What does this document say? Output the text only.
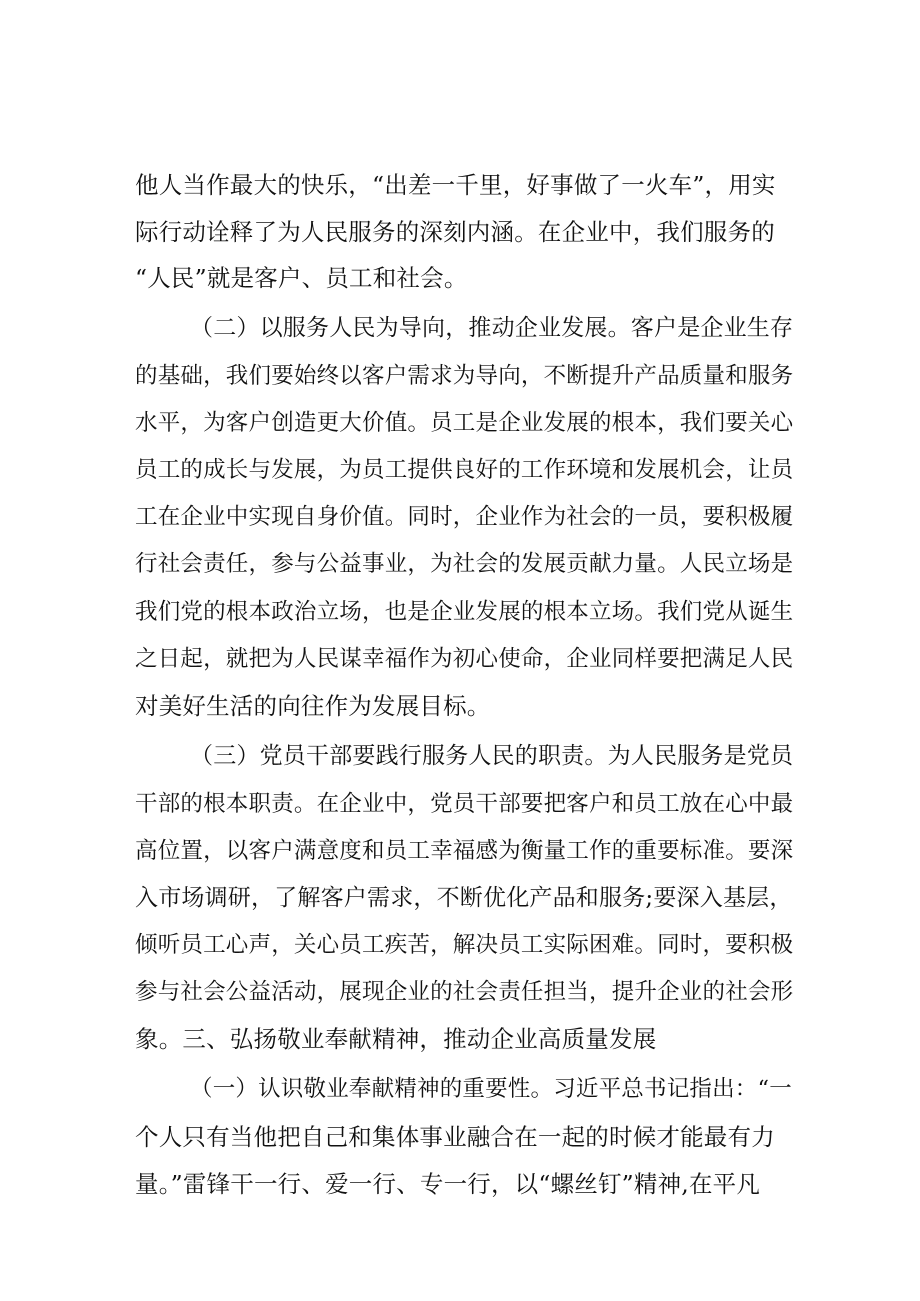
他人当作最大的快乐，“出差一千里，好事做了一火车”，用实
际行动诠释了为人民服务的深刻内涵。在企业中，我们服务的
“人民”就是客户、员工和社会。
（二）以服务人民为导向，推动企业发展。客户是企业生存
的基础，我们要始终以客户需求为导向，不断提升产品质量和服务
水平，为客户创造更大价值。员工是企业发展的根本，我们要关心
员工的成长与发展，为员工提供良好的工作环境和发展机会，让员
工在企业中实现自身价值。同时，企业作为社会的一员，要积极履
行社会责任，参与公益事业，为社会的发展贡献力量。人民立场是
我们党的根本政治立场，也是企业发展的根本立场。我们党从诞生
之日起，就把为人民谋幸福作为初心使命，企业同样要把满足人民
对美好生活的向往作为发展目标。
（三）党员干部要践行服务人民的职责。为人民服务是党员
干部的根本职责。在企业中，党员干部要把客户和员工放在心中最
高位置，以客户满意度和员工幸福感为衡量工作的重要标准。要深
入市场调研，了解客户需求，不断优化产品和服务;要深入基层，
倾听员工心声，关心员工疾苦，解决员工实际困难。同时，要积极
参与社会公益活动，展现企业的社会责任担当，提升企业的社会形
象。三、弘扬敬业奉献精神，推动企业高质量发展
（一）认识敬业奉献精神的重要性。习近平总书记指出：“一
个人只有当他把自己和集体事业融合在一起的时候才能最有力
量。”雷锋干一行、爱一行、专一行，以“螺丝钉”精神,在平凡
